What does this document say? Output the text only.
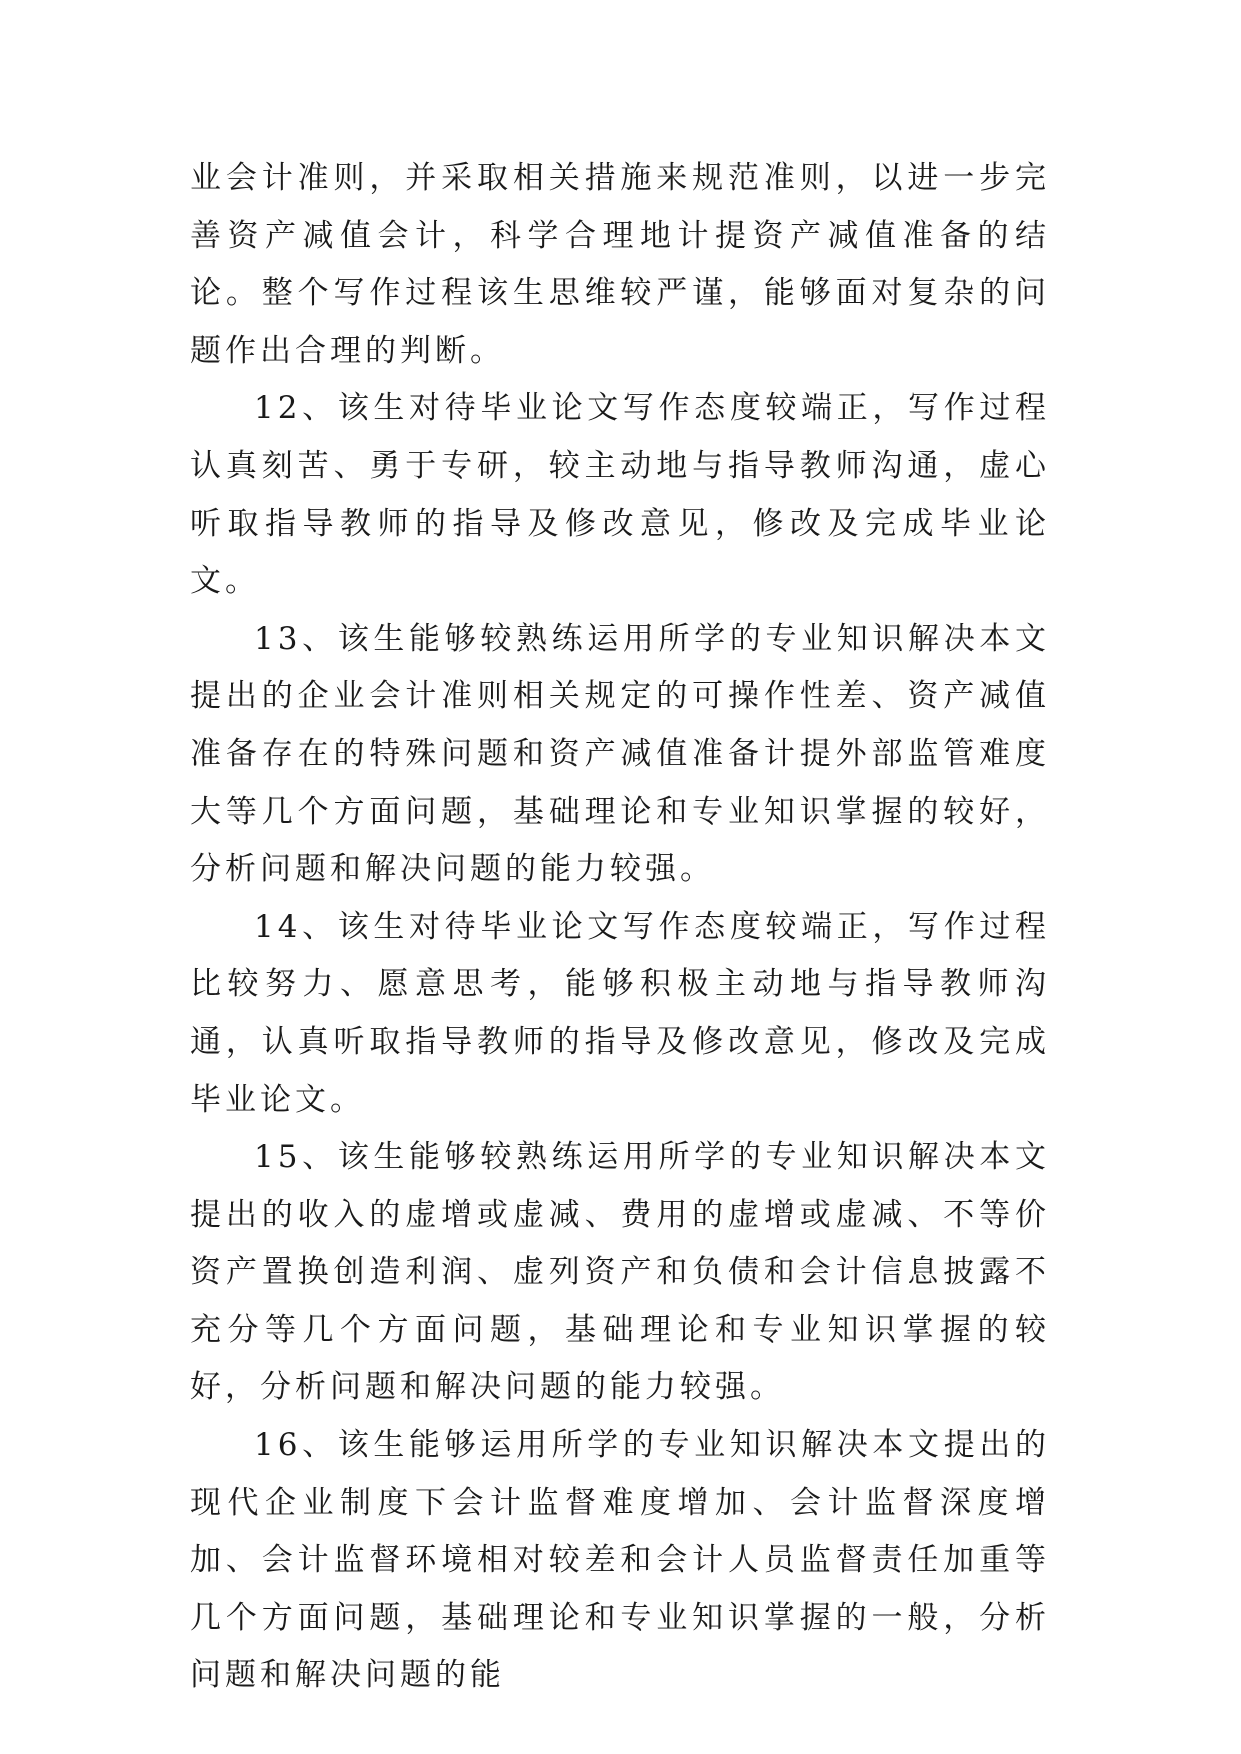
业会计准则，并采取相关措施来规范准则，以进一步完善资产减值会计，科学合理地计提资产减值准备的结论。整个写作过程该生思维较严谨，能够面对复杂的问题作出合理的判断。

12、该生对待毕业论文写作态度较端正，写作过程认真刻苦、勇于专研，较主动地与指导教师沟通，虚心听取指导教师的指导及修改意见，修改及完成毕业论文。

13、该生能够较熟练运用所学的专业知识解决本文提出的企业会计准则相关规定的可操作性差、资产减值准备存在的特殊问题和资产减值准备计提外部监管难度大等几个方面问题，基础理论和专业知识掌握的较好，分析问题和解决问题的能力较强。

14、该生对待毕业论文写作态度较端正，写作过程比较努力、愿意思考，能够积极主动地与指导教师沟通，认真听取指导教师的指导及修改意见，修改及完成毕业论文。

15、该生能够较熟练运用所学的专业知识解决本文提出的收入的虚增或虚减、费用的虚增或虚减、不等价资产置换创造利润、虚列资产和负债和会计信息披露不充分等几个方面问题，基础理论和专业知识掌握的较好，分析问题和解决问题的能力较强。

16、该生能够运用所学的专业知识解决本文提出的现代企业制度下会计监督难度增加、会计监督深度增加、会计监督环境相对较差和会计人员监督责任加重等几个方面问题，基础理论和专业知识掌握的一般，分析问题和解决问题的能
